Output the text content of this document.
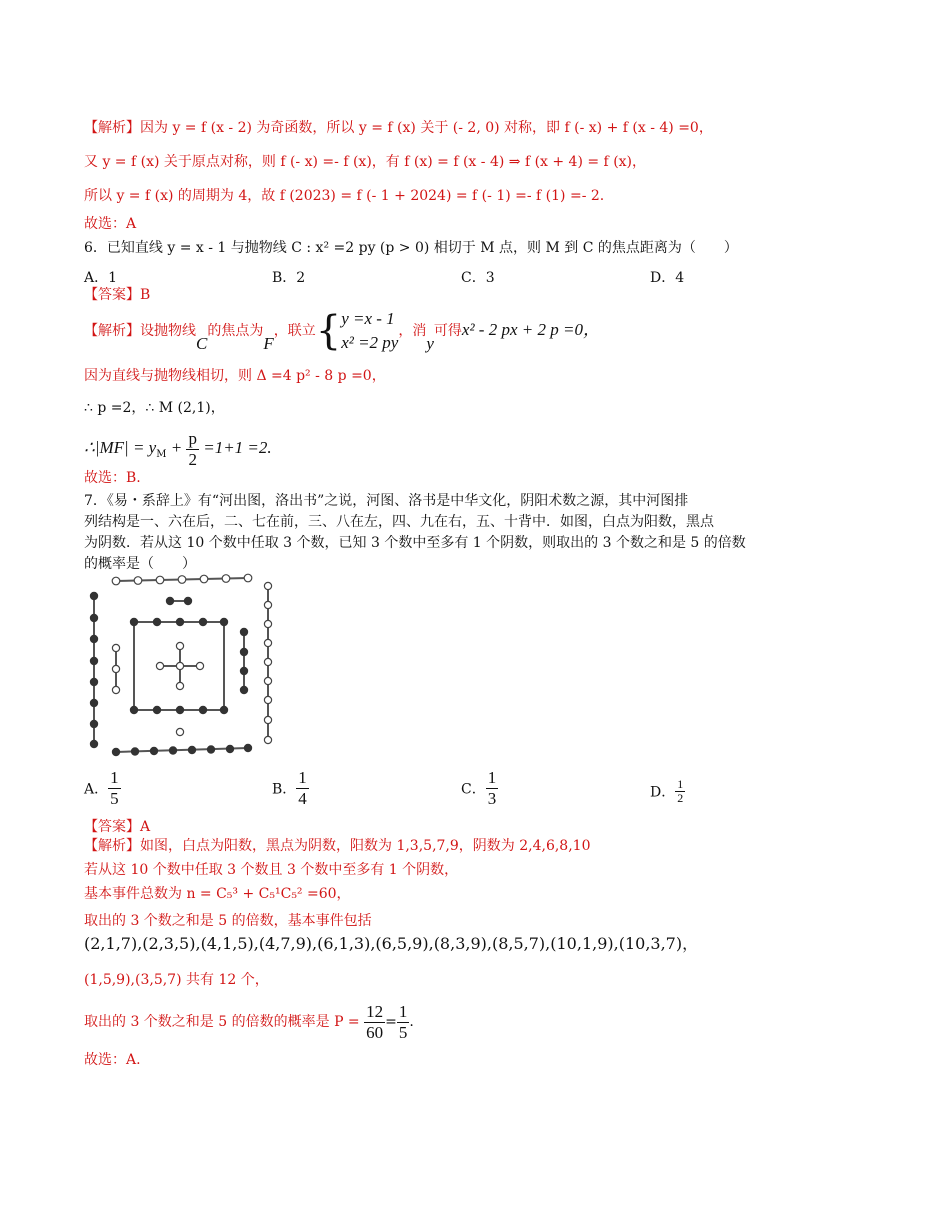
【解析】因为 y = f (x - 2) 为奇函数，所以 y = f (x) 关于 (- 2, 0) 对称，即 f (- x) + f (x - 4) =0，
又 y = f (x) 关于原点对称，则 f (- x) =- f (x)，有 f (x) = f (x - 4) ⇒ f (x + 4) = f (x)，
所以 y = f (x) 的周期为 4，故 f (2023) = f (- 1 + 2024) = f (- 1) =- f (1) =- 2.
故选：A
6．已知直线 y = x - 1 与抛物线 C : x² =2 py (p > 0) 相切于 M 点，则 M 到 C 的焦点距离为（　　）
A．1	B．2	C．3	D．4
【答案】B
【解析】设抛物线C的焦点为F，联立{ y =x - 1
x² =2 py
，消y可得x² - 2 px + 2 p =0，
因为直线与抛物线相切，则 Δ =4 p² - 8 p =0，
∴ p =2，∴ M (2,1)，
∴|MF| = $y_M + \frac{p}{2} =1+1 =2$.
故选：B.
7．《易・系辞上》有“河出图，洛出书”之说，河图、洛书是中华文化，阴阳术数之源，其中河图排
列结构是一、六在后，二、七在前，三、八在左，四、九在右，五、十背中．如图，白点为阳数，黑点
为阴数．若从这 10 个数中任取 3 个数，已知 3 个数中至多有 1 个阴数，则取出的 3 个数之和是 5 的倍数
的概率是（　　）
A． $\frac{1}{5}$	B． $\frac{1}{4}$	C． $\frac{1}{3}$	D． $\frac{1}{2}$
【答案】A
【解析】如图，白点为阳数，黑点为阴数，阳数为 1,3,5,7,9，阴数为 2,4,6,8,10
若从这 10 个数中任取 3 个数且 3 个数中至多有 1 个阴数，
基本事件总数为 n = C₅³ + C₅¹C₅² =60，
取出的 3 个数之和是 5 的倍数，基本事件包括
(2,1,7),(2,3,5),(4,1,5),(4,7,9),(6,1,3),(6,5,9),(8,3,9),(8,5,7),(10,1,9),(10,3,7)，
(1,5,9),(3,5,7) 共有 12 个，
取出的 3 个数之和是 5 的倍数的概率是 $P = \frac{12}{60} = \frac{1}{5}$ .
故选：A.
